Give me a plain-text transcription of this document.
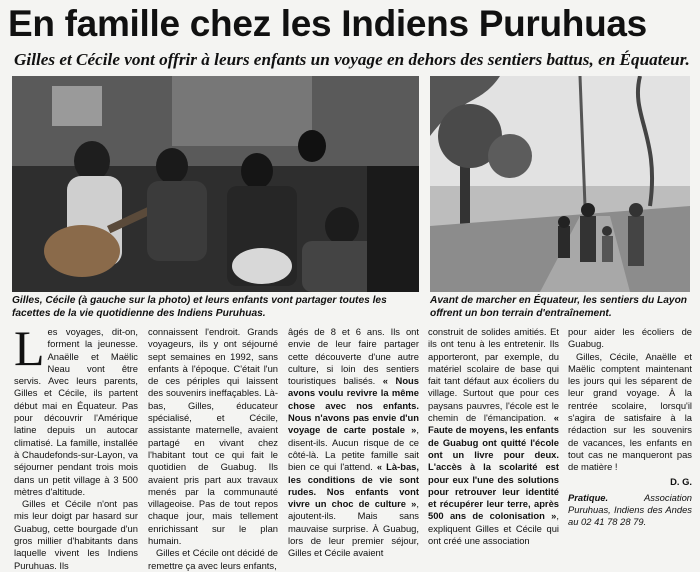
En famille chez les Indiens Puruhuas
Gilles et Cécile vont offrir à leurs enfants un voyage en dehors des sentiers battus, en Équateur.
Gilles, Cécile (à gauche sur la photo) et leurs enfants vont partager toutes les facettes de la vie quotidienne des Indiens Puruhuas.
Avant de marcher en Équateur, les sentiers du Layon offrent un bon terrain d'entraînement.
L es voyages, dit-on, forment la jeunesse. Anaëlle et Maëlic Neau vont être servis. Avec leurs parents, Gilles et Cécile, ils partent début mai en Équateur. Pas pour découvrir l'Amérique latine depuis un autocar climatisé. La famille, installée à Chaudefonds-sur-Layon, va séjourner pendant trois mois dans un petit village à 3 500 mètres d'altitude.

Gilles et Cécile n'ont pas mis leur doigt par hasard sur Guabug, cette bourgade d'un gros millier d'habitants dans laquelle vivent les Indiens Puruhuas. Ils

connaissent l'endroit. Grands voyageurs, ils y ont séjourné sept semaines en 1992, sans enfants à l'époque. C'était l'un de ces périples qui laissent des souvenirs ineffaçables. Là-bas, Gilles, éducateur spécialisé, et Cécile, assistante maternelle, avaient partagé en vivant chez l'habitant tout ce qui fait le quotidien de Guabug. Ils avaient pris part aux travaux menés par la communauté villageoise. Pas de tout repos chaque jour, mais tellement enrichissant sur le plan humain.

Gilles et Cécile ont décidé de remettre ça avec leurs enfants,

âgés de 8 et 6 ans. Ils ont envie de leur faire partager cette découverte d'une autre culture, si loin des sentiers touristiques balisés. « Nous avons voulu revivre la même chose avec nos enfants. Nous n'avons pas envie d'un voyage de carte postale », disent-ils. Aucun risque de ce côté-là. La petite famille sait bien ce qui l'attend. « Là-bas, les conditions de vie sont rudes. Nos enfants vont vivre un choc de culture », ajoutent-ils. Mais sans mauvaise surprise. À Guabug, lors de leur premier séjour, Gilles et Cécile avaient

construit de solides amitiés. Et ils ont tenu à les entretenir. Ils apporteront, par exemple, du matériel scolaire de base qui fait tant défaut aux écoliers du village. Surtout que pour ces paysans pauvres, l'école est le chemin de l'émancipation. « Faute de moyens, les enfants de Guabug ont quitté l'école ont un livre pour deux. L'accès à la scolarité est pour eux l'une des solutions pour retrouver leur identité et récupérer leur terre, après 500 ans de colonisation », expliquent Gilles et Cécile qui ont créé une association

pour aider les écoliers de Guabug.

Gilles, Cécile, Anaëlle et Maëlic comptent maintenant les jours qui les séparent de leur grand voyage. À la rentrée scolaire, lorsqu'il s'agira de satisfaire à la rédaction sur les souvenirs de vacances, les enfants en tout cas ne manqueront pas de matière !

D. G.

Pratique. Association Puruhuas, Indiens des Andes au 02 41 78 28 79.
